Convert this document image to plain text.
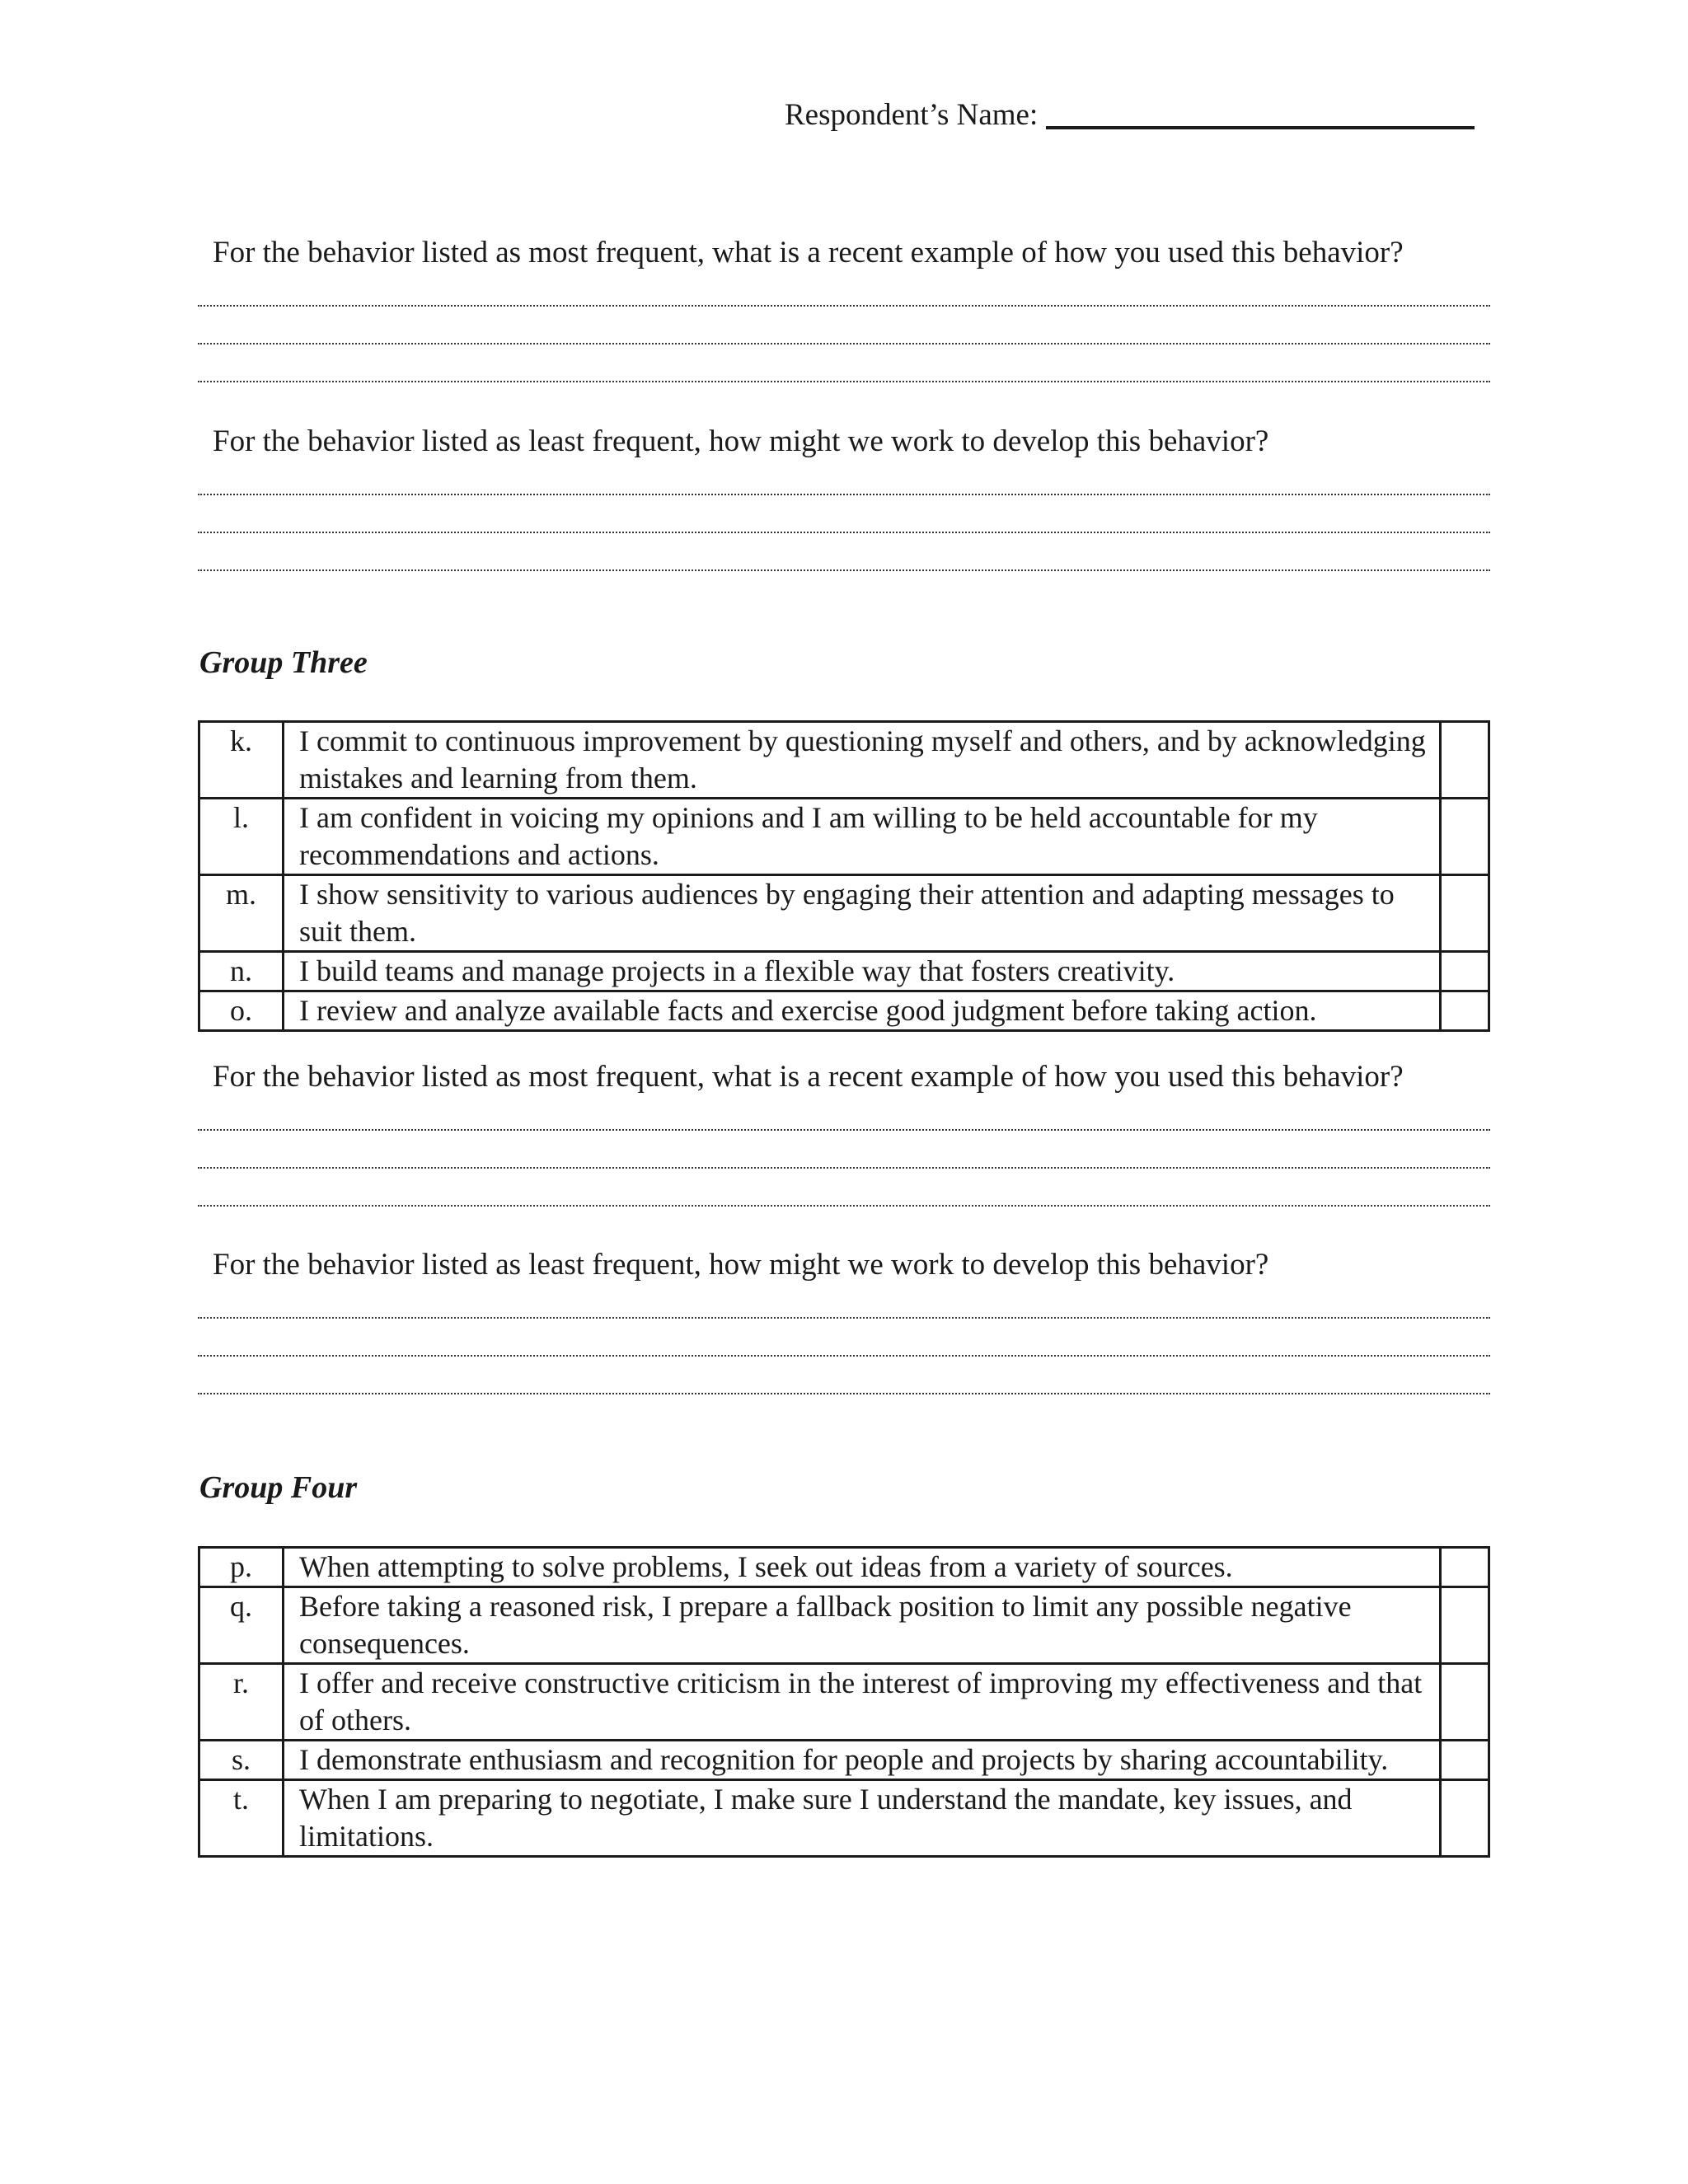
Respondent’s Name:
For the behavior listed as most frequent, what is a recent example of how you used this behavior?
For the behavior listed as least frequent, how might we work to develop this behavior?
Group Three
k.	I commit to continuous improvement by questioning myself and others, and by acknowledging mistakes and learning from them.	
l.	I am confident in voicing my opinions and I am willing to be held accountable for my recommendations and actions.	
m.	I show sensitivity to various audiences by engaging their attention and adapting messages to suit them.	
n.	I build teams and manage projects in a flexible way that fosters creativity.	
o.	I review and analyze available facts and exercise good judgment before taking action.	
For the behavior listed as most frequent, what is a recent example of how you used this behavior?
For the behavior listed as least frequent, how might we work to develop this behavior?
Group Four
p.	When attempting to solve problems, I seek out ideas from a variety of sources.	
q.	Before taking a reasoned risk, I prepare a fallback position to limit any possible negative consequences.	
r.	I offer and receive constructive criticism in the interest of improving my effectiveness and that of others.	
s.	I demonstrate enthusiasm and recognition for people and projects by sharing accountability.	
t.	When I am preparing to negotiate, I make sure I understand the mandate, key issues, and limitations.	
